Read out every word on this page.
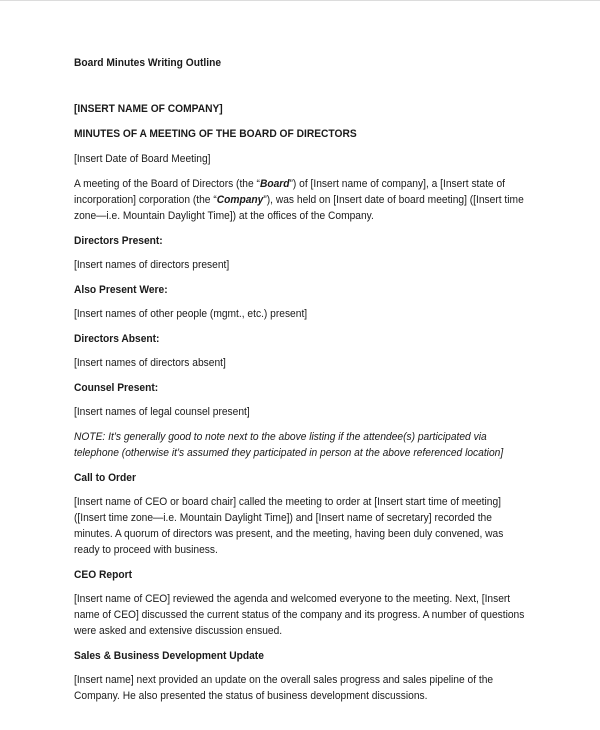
Board Minutes Writing Outline
[INSERT NAME OF COMPANY]
MINUTES OF A MEETING OF THE BOARD OF DIRECTORS
[Insert Date of Board Meeting]
A meeting of the Board of Directors (the “Board”) of [Insert name of company], a [Insert state of incorporation] corporation (the “Company”), was held on [Insert date of board meeting] ([Insert time zone—i.e. Mountain Daylight Time]) at the offices of the Company.
Directors Present:
[Insert names of directors present]
Also Present Were:
[Insert names of other people (mgmt., etc.) present]
Directors Absent:
[Insert names of directors absent]
Counsel Present:
[Insert names of legal counsel present]
NOTE: It’s generally good to note next to the above listing if the attendee(s) participated via telephone (otherwise it’s assumed they participated in person at the above referenced location]
Call to Order
[Insert name of CEO or board chair] called the meeting to order at [Insert start time of meeting] ([Insert time zone—i.e. Mountain Daylight Time]) and [Insert name of secretary] recorded the minutes. A quorum of directors was present, and the meeting, having been duly convened, was ready to proceed with business.
CEO Report
[Insert name of CEO] reviewed the agenda and welcomed everyone to the meeting. Next, [Insert name of CEO] discussed the current status of the company and its progress. A number of questions were asked and extensive discussion ensued.
Sales & Business Development Update
[Insert name] next provided an update on the overall sales progress and sales pipeline of the Company. He also presented the status of business development discussions.
